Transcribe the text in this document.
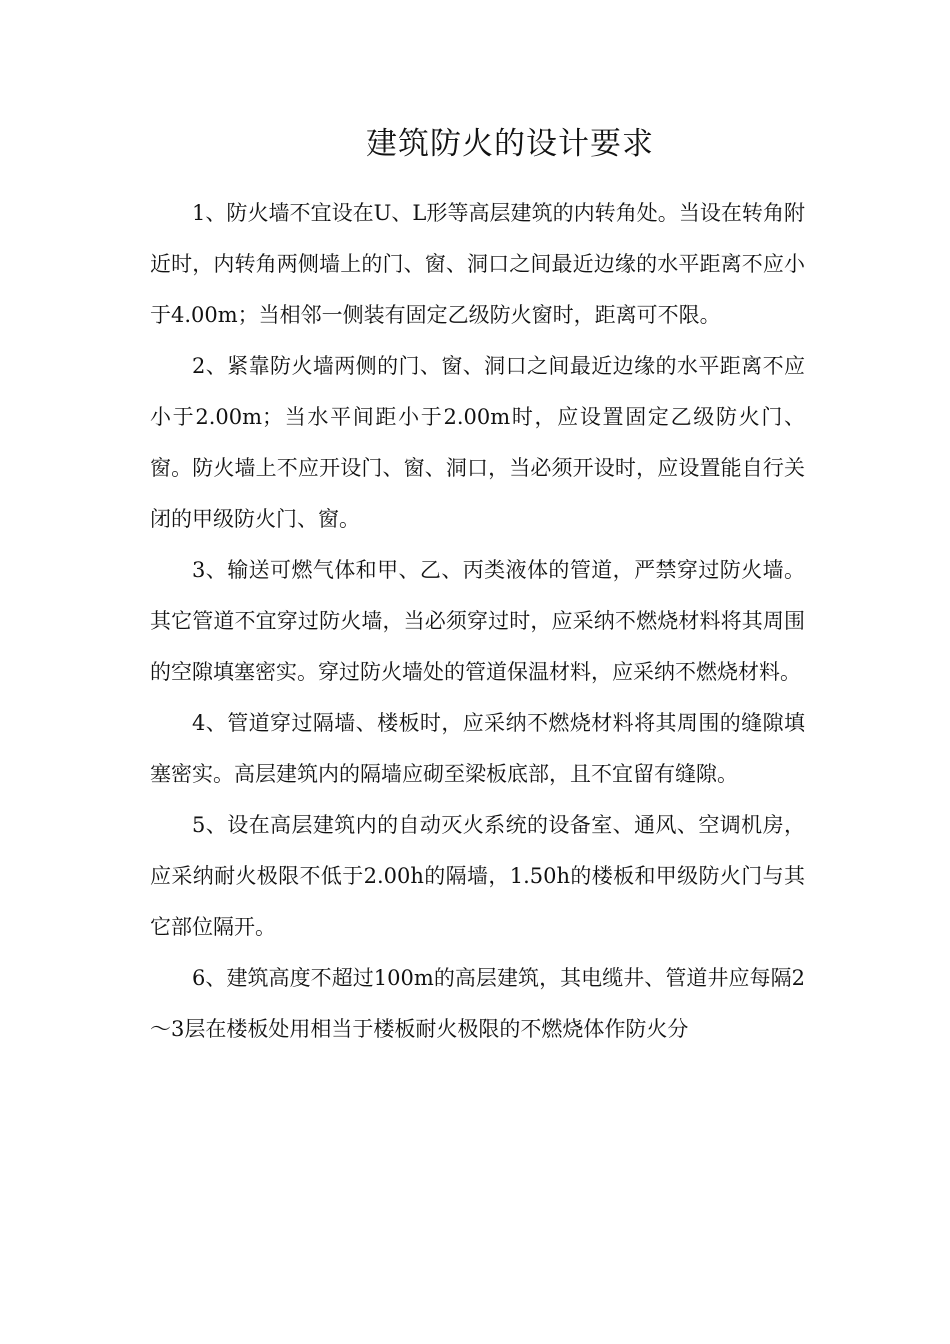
建筑防火的设计要求

1、防火墙不宜设在U、L形等高层建筑的内转角处。当设在转角附近时，内转角两侧墙上的门、窗、洞口之间最近边缘的水平距离不应小于4.00m；当相邻一侧装有固定乙级防火窗时，距离可不限。

2、紧靠防火墙两侧的门、窗、洞口之间最近边缘的水平距离不应小于2.00m；当水平间距小于2.00m时，应设置固定乙级防火门、窗。防火墙上不应开设门、窗、洞口，当必须开设时，应设置能自行关闭的甲级防火门、窗。

3、输送可燃气体和甲、乙、丙类液体的管道，严禁穿过防火墙。其它管道不宜穿过防火墙，当必须穿过时，应采纳不燃烧材料将其周围的空隙填塞密实。穿过防火墙处的管道保温材料，应采纳不燃烧材料。

4、管道穿过隔墙、楼板时，应采纳不燃烧材料将其周围的缝隙填塞密实。高层建筑内的隔墙应砌至梁板底部，且不宜留有缝隙。

5、设在高层建筑内的自动灭火系统的设备室、通风、空调机房，应采纳耐火极限不低于2.00h的隔墙，1.50h的楼板和甲级防火门与其它部位隔开。

6、建筑高度不超过100m的高层建筑，其电缆井、管道井应每隔2～3层在楼板处用相当于楼板耐火极限的不燃烧体作防火分
